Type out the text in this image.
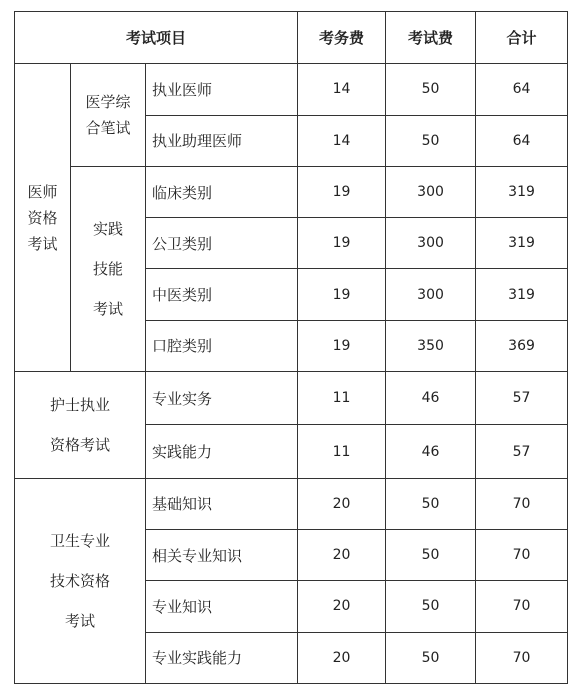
考试项目			考务费	考试费	合计
医师资格考试	医学综合笔试	执业医师	14	50	64
		执业助理医师	14	50	64
	实践技能考试	临床类别	19	300	319
		公卫类别	19	300	319
		中医类别	19	300	319
		口腔类别	19	350	369
护士执业资格考试		专业实务	11	46	57
		实践能力	11	46	57
卫生专业技术资格考试		基础知识	20	50	70
		相关专业知识	20	50	70
		专业知识	20	50	70
		专业实践能力	20	50	70
